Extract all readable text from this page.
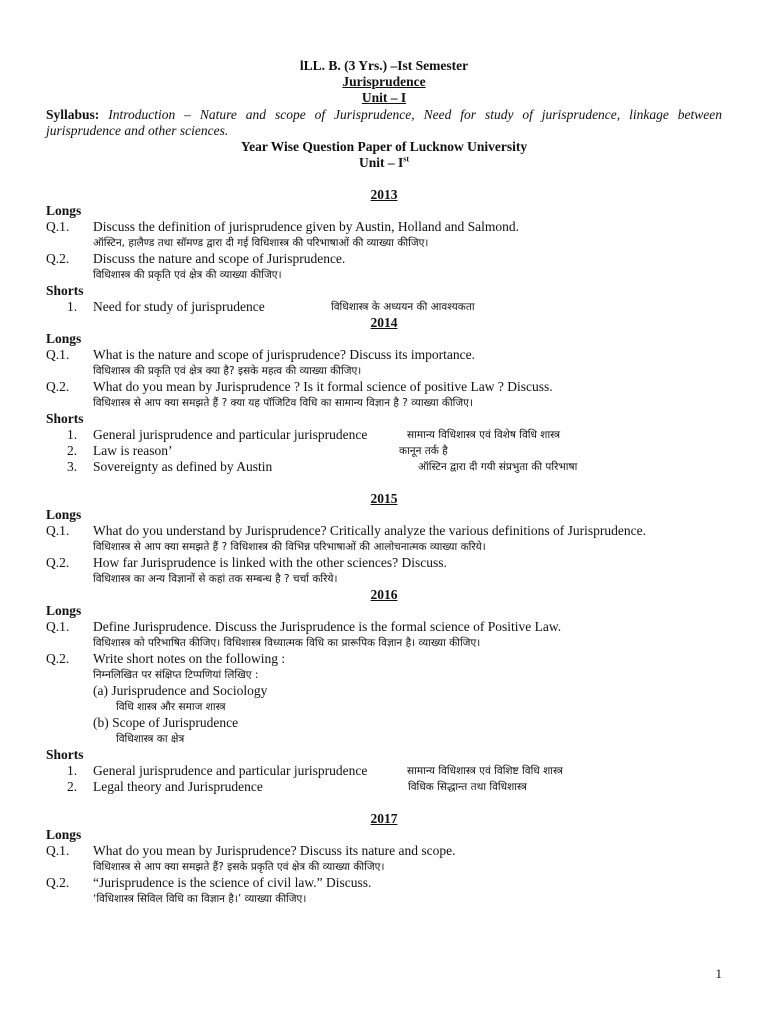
lLL. B. (3 Yrs.) –Ist Semester
Jurisprudence
Unit – I
Syllabus: Introduction – Nature and scope of Jurisprudence, Need for study of jurisprudence, linkage between jurisprudence and other sciences.
Year Wise Question Paper of Lucknow University
Unit – Ist
2013
Longs
Q.1. Discuss the definition of jurisprudence given by Austin, Holland and Salmond.
ऑस्टिन, हालैण्ड तथा सॉमण्ड द्वारा दी गई विधिशास्त्र की परिभाषाओं की व्याख्या कीजिए।
Q.2. Discuss the nature and scope of Jurisprudence.
विधिशास्त्र की प्रकृति एवं क्षेत्र की व्याख्या कीजिए।
Shorts
1. Need for study of jurisprudence	विधिशास्त्र के अध्ययन की आवश्यकता
2014
Longs
Q.1. What is the nature and scope of jurisprudence? Discuss its importance.
विधिशास्त्र की प्रकृति एवं क्षेत्र क्या है? इसके महत्व की व्याख्या कीजिए।
Q.2. What do you mean by Jurisprudence ? Is it formal science of positive Law ? Discuss.
विधिशास्त्र से आप क्या समझते हैं ? क्या यह पॉजिटिव विधि का सामान्य विज्ञान है ? व्याख्या कीजिए।
Shorts
1. General jurisprudence and particular jurisprudence	सामान्य विधिशास्त्र एवं विशेष विधि शास्त्र
2. Law is reason’	कानून तर्क है
3. Sovereignty as defined by Austin	ऑस्टिन द्वारा दी गयी संप्रभुता की परिभाषा
2015
Longs
Q.1. What do you understand by Jurisprudence? Critically analyze the various definitions of Jurisprudence.
विधिशास्त्र से आप क्या समझते हैं ? विधिशास्त्र की विभिन्न परिभाषाओं की आलोचनात्मक व्याख्या करिये।
Q.2. How far Jurisprudence is linked with the other sciences? Discuss.
विधिशास्त्र का अन्य विज्ञानों से कहां तक सम्बन्ध है ? चर्चा करिये।
2016
Longs
Q.1. Define Jurisprudence. Discuss the Jurisprudence is the formal science of Positive Law.
विधिशास्त्र को परिभाषित कीजिए। विधिशास्त्र विध्यात्मक विधि का प्रारूपिक विज्ञान है। व्याख्या कीजिए।
Q.2. Write short notes on the following :
निम्नलिखित पर संक्षिप्त टिप्पणियां लिखिए :
(a) Jurisprudence and Sociology
विधि शास्त्र और समाज शास्त्र
(b) Scope of Jurisprudence
विधिशास्त्र का क्षेत्र
Shorts
1. General jurisprudence and particular jurisprudence	सामान्य विधिशास्त्र एवं विशिष्ट विधि शास्त्र
2. Legal theory and Jurisprudence	विधिक सिद्धान्त तथा विधिशास्त्र
2017
Longs
Q.1. What do you mean by Jurisprudence? Discuss its nature and scope.
विधिशास्त्र से आप क्या समझते हैं? इसके प्रकृति एवं क्षेत्र की व्याख्या कीजिए।
Q.2. “Jurisprudence is the science of civil law.” Discuss.
‘विधिशास्त्र सिविल विधि का विज्ञान है।’ व्याख्या कीजिए।
1
